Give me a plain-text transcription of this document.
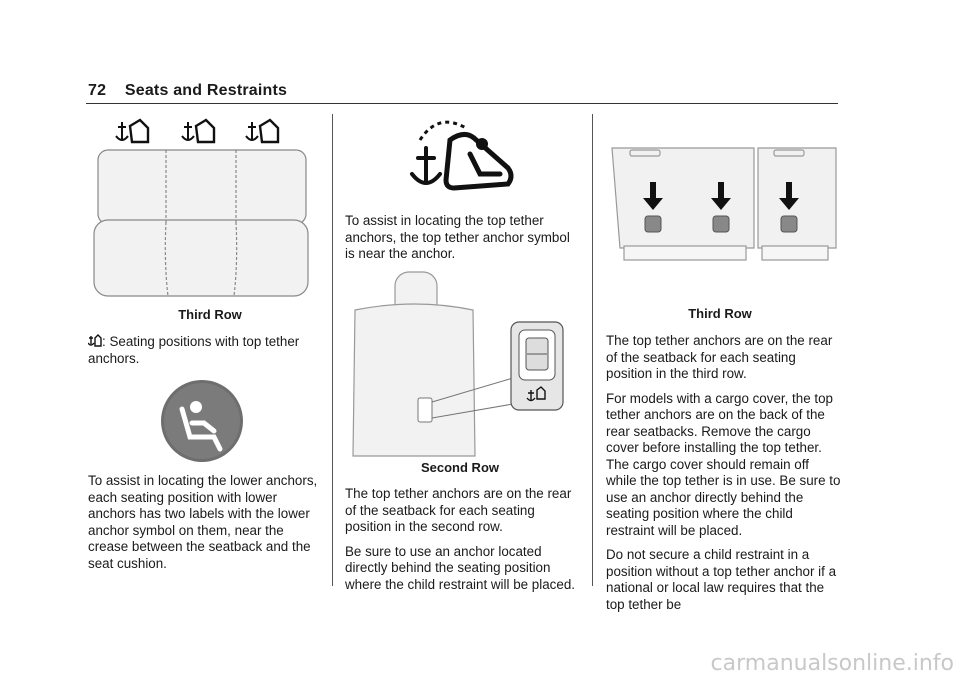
72 Seats and Restraints
Third Row

: Seating positions with top tether anchors.

To assist in locating the lower anchors, each seating position with lower anchors has two labels with the lower anchor symbol on them, near the crease between the seatback and the seat cushion.

To assist in locating the top tether anchors, the top tether anchor symbol is near the anchor.

Second Row

The top tether anchors are on the rear of the seatback for each seating position in the second row.

Be sure to use an anchor located directly behind the seating position where the child restraint will be placed.

Third Row

The top tether anchors are on the rear of the seatback for each seating position in the third row.

For models with a cargo cover, the top tether anchors are on the back of the rear seatbacks. Remove the cargo cover before installing the top tether. The cargo cover should remain off while the top tether is in use. Be sure to use an anchor directly behind the seating position where the child restraint will be placed.

Do not secure a child restraint in a position without a top tether anchor if a national or local law requires that the top tether be

carmanualsonline.info
